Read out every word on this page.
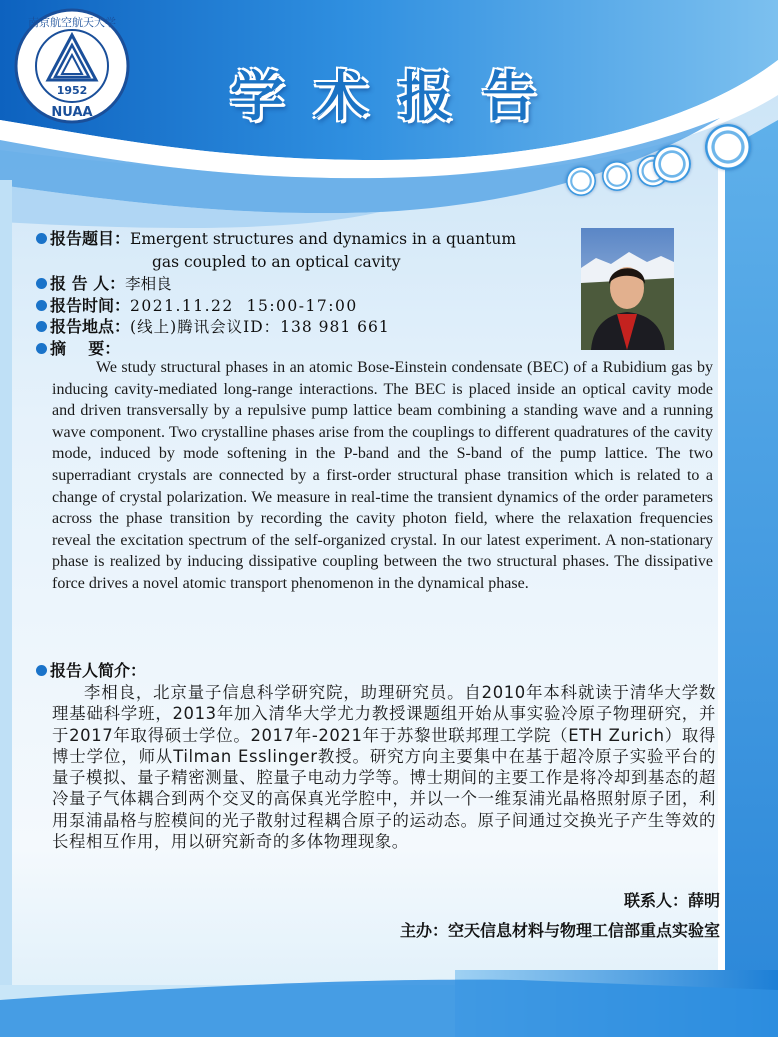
1952
NUAA
南京航空航天大学
学术报告
报告题目：Emergent structures and dynamics in a quantum
gas coupled to an optical cavity
报 告 人：李相良
报告时间：2021.11.22  15:00-17:00
报告地点：(线上)腾讯会议ID：138 981 661
摘    要：

We study structural phases in an atomic Bose-Einstein condensate (BEC) of a Rubidium gas by inducing cavity-mediated long-range interactions. The BEC is placed inside an optical cavity mode and driven transversally by a repulsive pump lattice beam combining a standing wave and a running wave component. Two crystalline phases arise from the couplings to different quadratures of the cavity mode, induced by mode softening in the P-band and the S-band of the pump lattice. The two superradiant crystals are connected by a first-order structural phase transition which is related to a change of crystal polarization. We measure in real-time the transient dynamics of the order parameters across the phase transition by recording the cavity photon field, where the relaxation frequencies reveal the excitation spectrum of the self-organized crystal. In our latest experiment. A non-stationary phase is realized by inducing dissipative coupling between the two structural phases. The dissipative force drives a novel atomic transport phenomenon in the dynamical phase.

报告人简介：

李相良，北京量子信息科学研究院，助理研究员。自2010年本科就读于清华大学数理基础科学班，2013年加入清华大学尤力教授课题组开始从事实验冷原子物理研究，并于2017年取得硕士学位。2017年-2021年于苏黎世联邦理工学院（ETH Zurich）取得博士学位，师从Tilman Esslinger教授。研究方向主要集中在基于超冷原子实验平台的量子模拟、量子精密测量、腔量子电动力学等。博士期间的主要工作是将冷却到基态的超冷量子气体耦合到两个交叉的高保真光学腔中，并以一个一维泵浦光晶格照射原子团，利用泵浦晶格与腔模间的光子散射过程耦合原子的运动态。原子间通过交换光子产生等效的长程相互作用，用以研究新奇的多体物理现象。

联系人：薛明
主办：空天信息材料与物理工信部重点实验室
